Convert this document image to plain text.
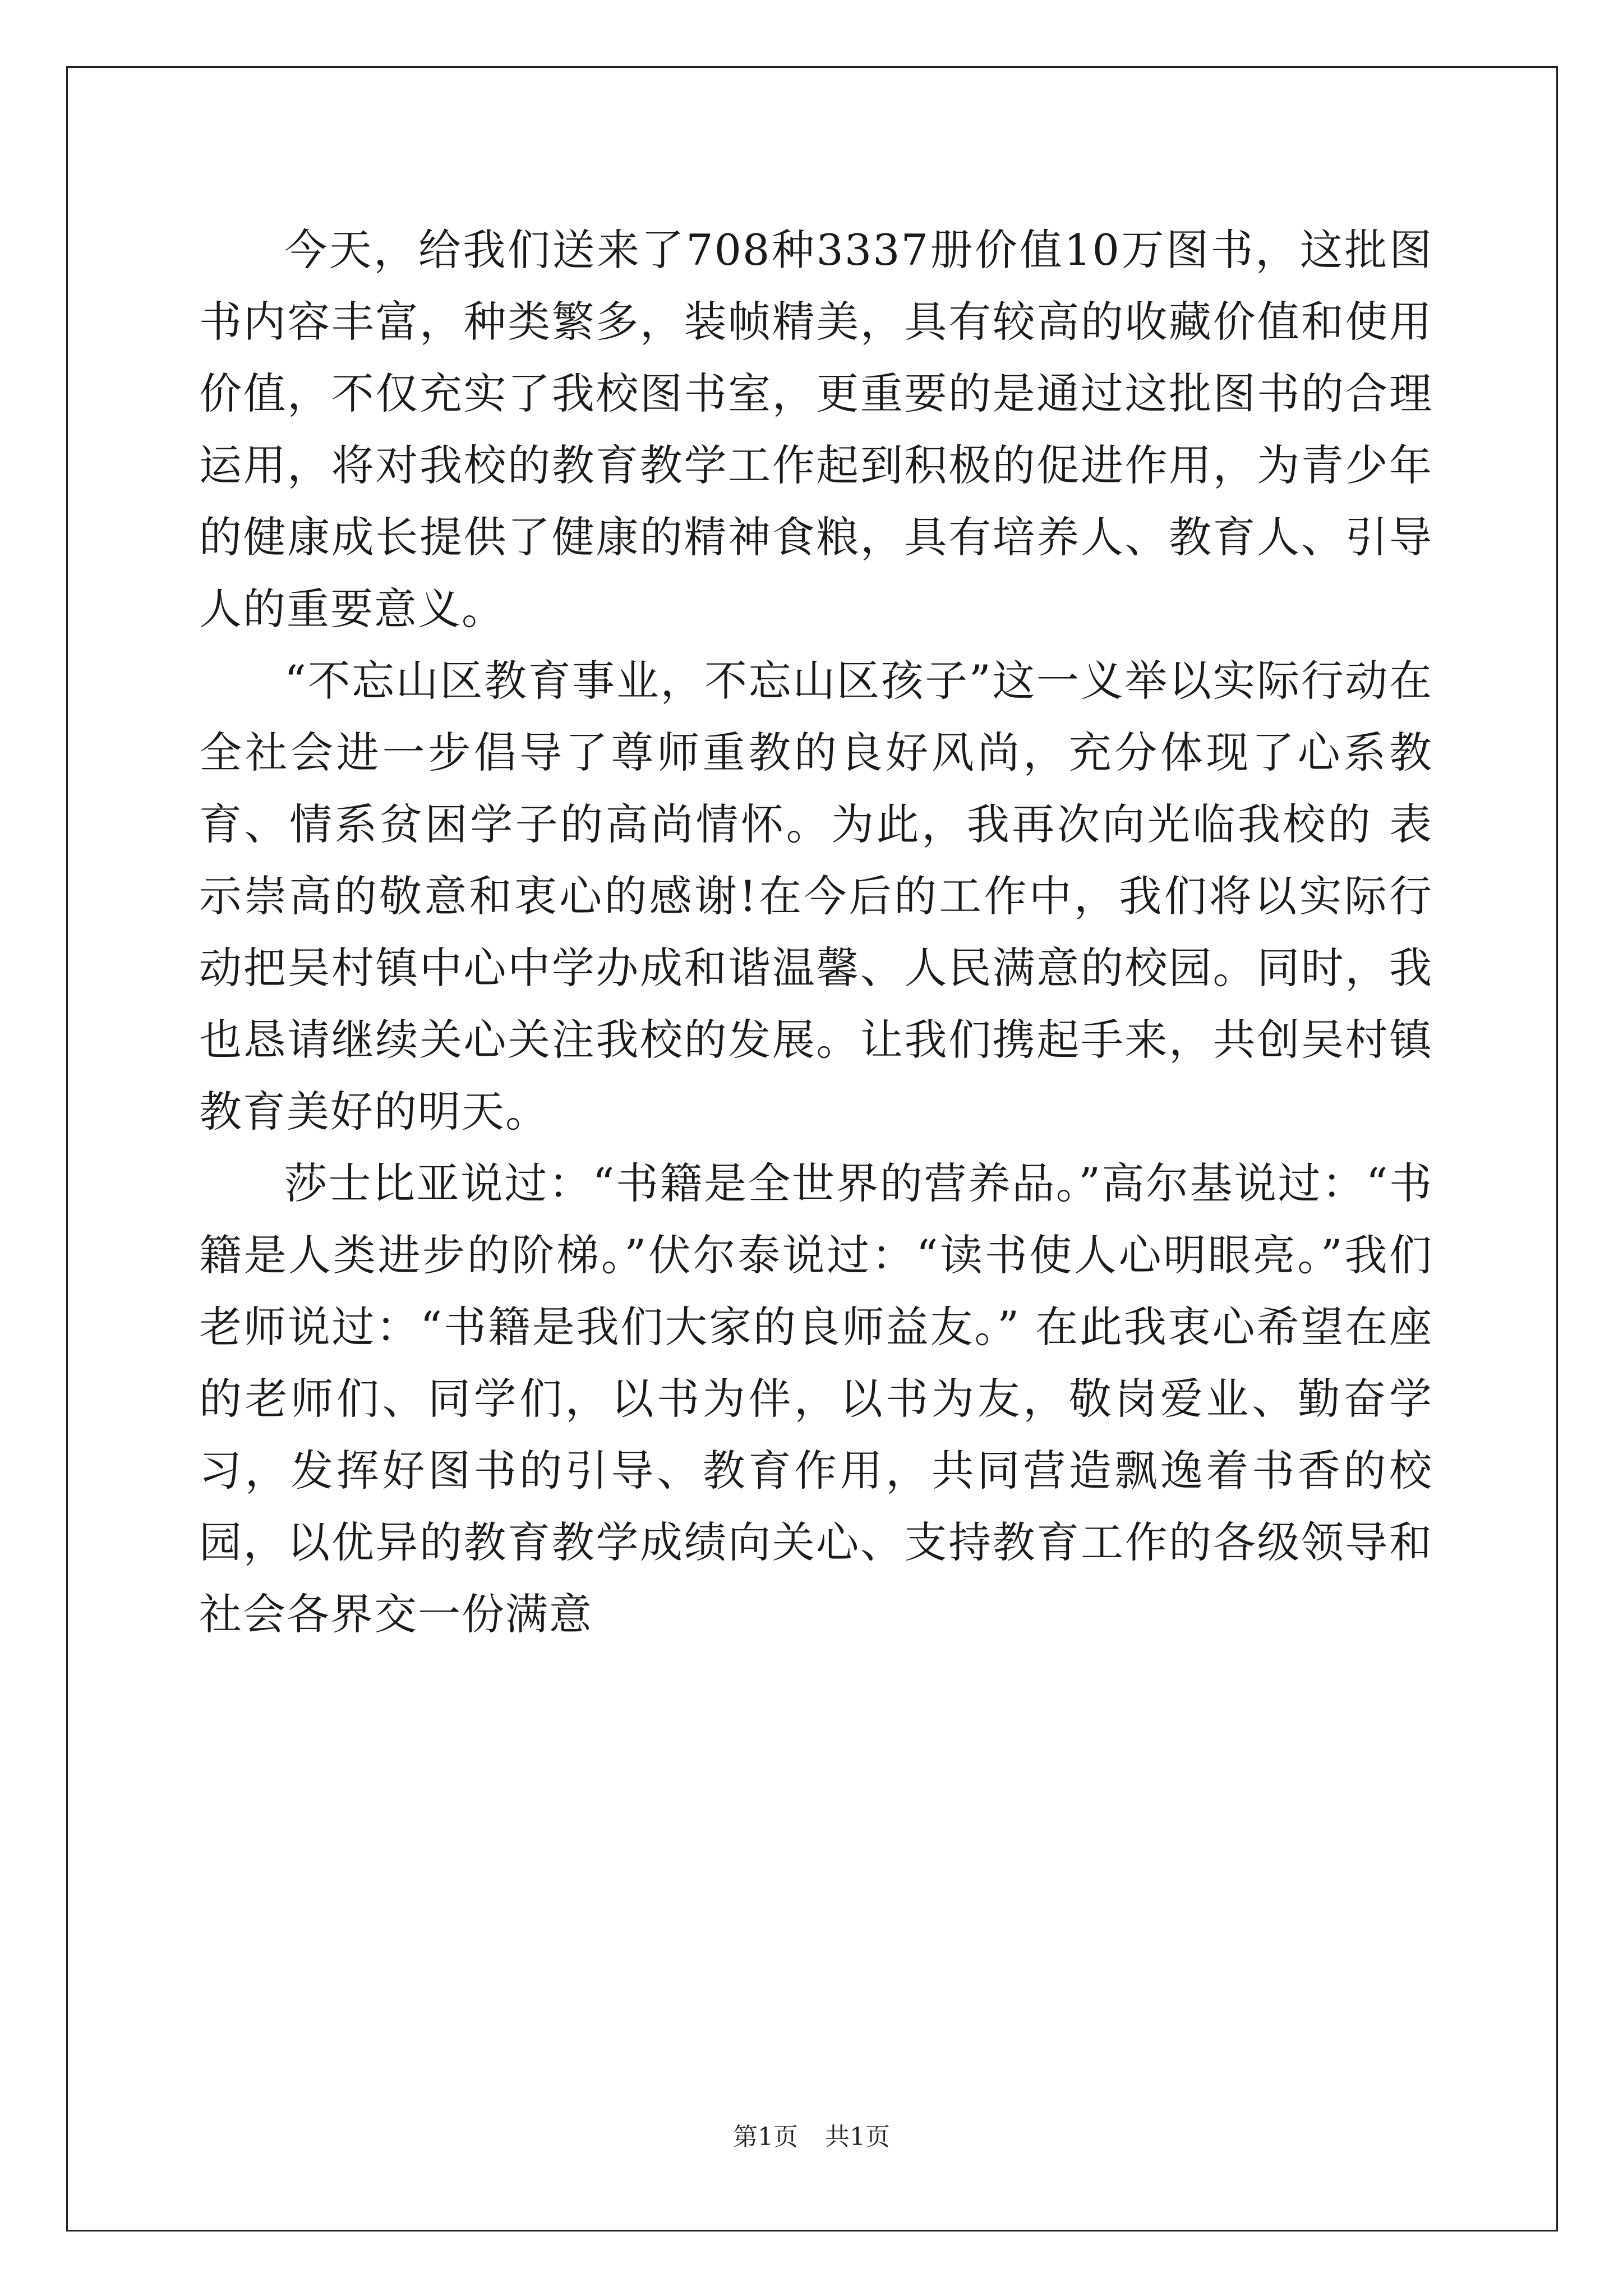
今天，给我们送来了708种3337册价值10万图书，这批图书内容丰富，种类繁多，装帧精美，具有较高的收藏价值和使用价值，不仅充实了我校图书室，更重要的是通过这批图书的合理运用，将对我校的教育教学工作起到积极的促进作用，为青少年的健康成长提供了健康的精神食粮，具有培养人、教育人、引导人的重要意义。

“不忘山区教育事业，不忘山区孩子”这一义举以实际行动在全社会进一步倡导了尊师重教的良好风尚，充分体现了心系教育、情系贫困学子的高尚情怀。为此，我再次向光临我校的 表示崇高的敬意和衷心的感谢!在今后的工作中，我们将以实际行动把吴村镇中心中学办成和谐温馨、人民满意的校园。同时，我也恳请继续关心关注我校的发展。让我们携起手来，共创吴村镇教育美好的明天。

莎士比亚说过：“书籍是全世界的营养品。”高尔基说过：“书籍是人类进步的阶梯。”伏尔泰说过：“读书使人心明眼亮。”我们老师说过：“书籍是我们大家的良师益友。” 在此我衷心希望在座的老师们、同学们，以书为伴，以书为友，敬岗爱业、勤奋学习，发挥好图书的引导、教育作用，共同营造飘逸着书香的校园，以优异的教育教学成绩向关心、支持教育工作的各级领导和社会各界交一份满意

第1页 共1页
